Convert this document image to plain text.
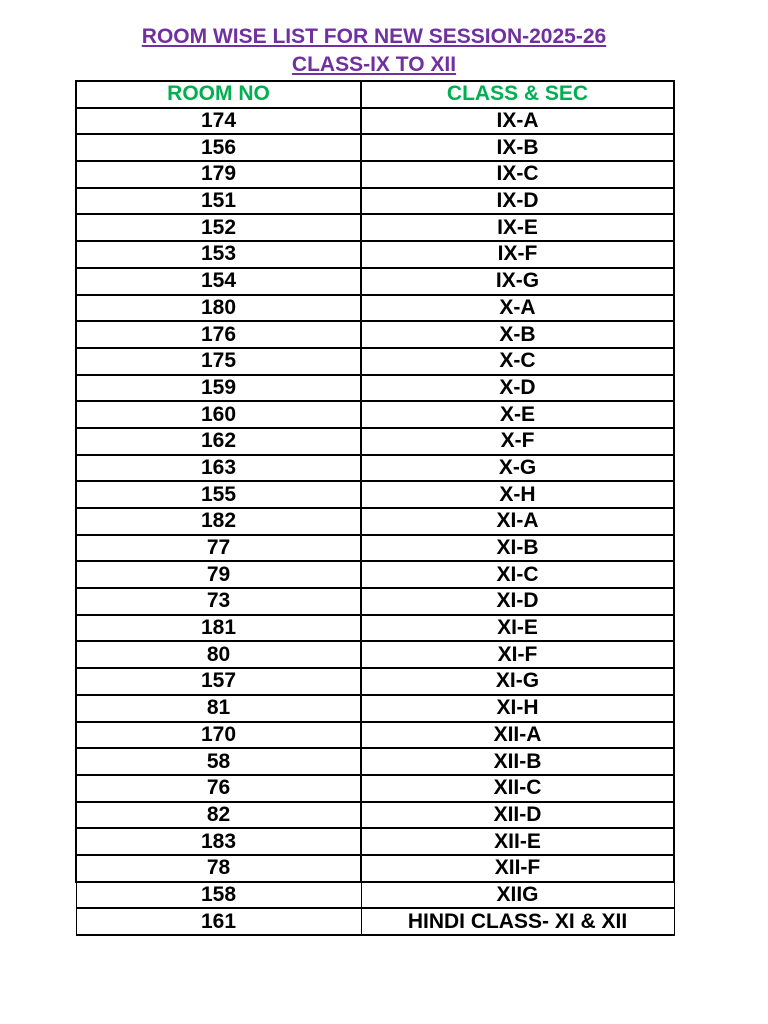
ROOM WISE LIST FOR NEW SESSION-2025-26
CLASS-IX TO XII
ROOM NO	CLASS & SEC
174	IX-A
156	IX-B
179	IX-C
151	IX-D
152	IX-E
153	IX-F
154	IX-G
180	X-A
176	X-B
175	X-C
159	X-D
160	X-E
162	X-F
163	X-G
155	X-H
182	XI-A
77	XI-B
79	XI-C
73	XI-D
181	XI-E
80	XI-F
157	XI-G
81	XI-H
170	XII-A
58	XII-B
76	XII-C
82	XII-D
183	XII-E
78	XII-F
158	XIIG
161	HINDI CLASS- XI & XII
